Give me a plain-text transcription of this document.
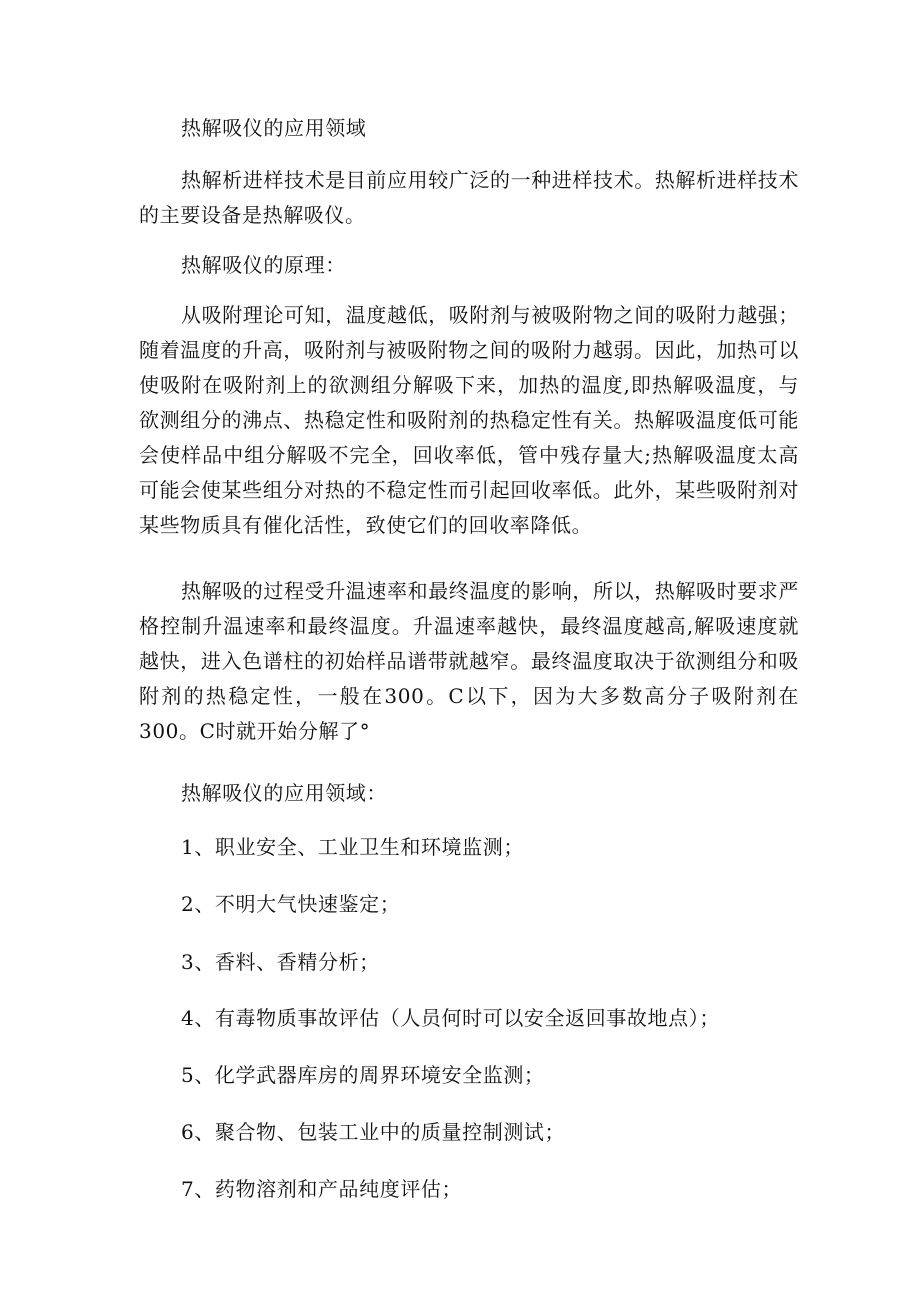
热解吸仪的应用领域

热解析进样技术是目前应用较广泛的一种进样技术。热解析进样技术的主要设备是热解吸仪。

热解吸仪的原理：

从吸附理论可知，温度越低，吸附剂与被吸附物之间的吸附力越强；随着温度的升高，吸附剂与被吸附物之间的吸附力越弱。因此，加热可以使吸附在吸附剂上的欲测组分解吸下来，加热的温度,即热解吸温度，与欲测组分的沸点、热稳定性和吸附剂的热稳定性有关。热解吸温度低可能会使样品中组分解吸不完全，回收率低，管中残存量大;热解吸温度太高可能会使某些组分对热的不稳定性而引起回收率低。此外，某些吸附剂对某些物质具有催化活性，致使它们的回收率降低。

热解吸的过程受升温速率和最终温度的影响，所以，热解吸时要求严格控制升温速率和最终温度。升温速率越快，最终温度越高,解吸速度就越快，进入色谱柱的初始样品谱带就越窄。最终温度取决于欲测组分和吸附剂的热稳定性，一般在300。C以下，因为大多数高分子吸附剂在300。C时就开始分解了°

热解吸仪的应用领域：

1、职业安全、工业卫生和环境监测；

2、不明大气快速鉴定；

3、香料、香精分析；

4、有毒物质事故评估（人员何时可以安全返回事故地点）；

5、化学武器库房的周界环境安全监测；

6、聚合物、包装工业中的质量控制测试；

7、药物溶剂和产品纯度评估；
